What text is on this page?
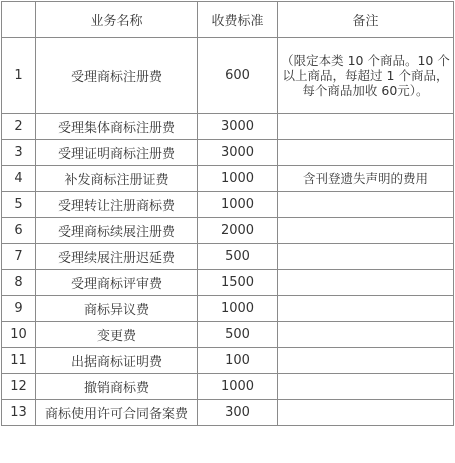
	业务名称	收费标准	备注
1	受理商标注册费	600	（限定本类 10 个商品。10 个以上商品，每超过 1 个商品，每个商品加收 60元）。
2	受理集体商标注册费	3000	
3	受理证明商标注册费	3000	
4	补发商标注册证费	1000	含刊登遗失声明的费用
5	受理转让注册商标费	1000	
6	受理商标续展注册费	2000	
7	受理续展注册迟延费	500	
8	受理商标评审费	1500	
9	商标异议费	1000	
10	变更费	500	
11	出据商标证明费	100	
12	撤销商标费	1000	
13	商标使用许可合同备案费	300	
